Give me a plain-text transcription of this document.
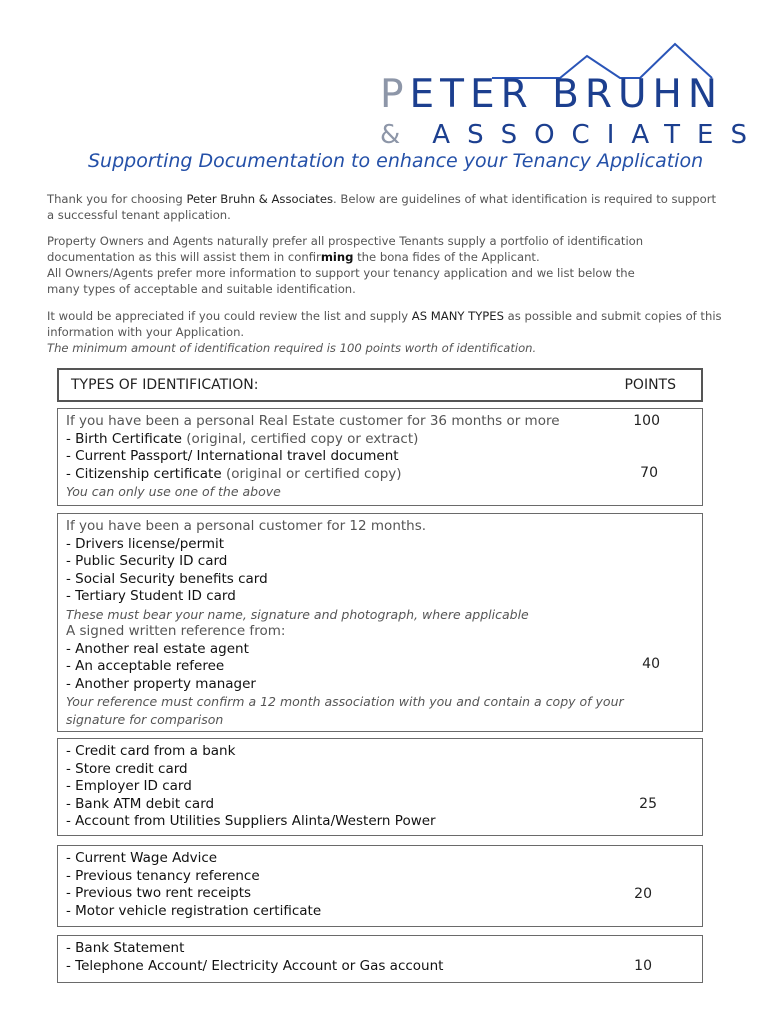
PETER BRUHN
& ASSOCIATES
Supporting Documentation to enhance your Tenancy Application

Thank you for choosing Peter Bruhn & Associates. Below are guidelines of what identification is required to support a successful tenant application.

Property Owners and Agents naturally prefer all prospective Tenants supply a portfolio of identification documentation as this will assist them in confirming the bona fides of the Applicant.
All Owners/Agents prefer more information to support your tenancy application and we list below the many types of acceptable and suitable identification.

It would be appreciated if you could review the list and supply AS MANY TYPES as possible and submit copies of this information with your Application.
The minimum amount of identification required is 100 points worth of identification.

TYPES OF IDENTIFICATION:	POINTS
If you have been a personal Real Estate customer for 36 months or more
- Birth Certificate (original, certified copy or extract)
- Current Passport/ International travel document
- Citizenship certificate (original or certified copy)
You can only use one of the above
100
70
If you have been a personal customer for 12 months.
- Drivers license/permit
- Public Security ID card
- Social Security benefits card
- Tertiary Student ID card
These must bear your name, signature and photograph, where applicable
A signed written reference from:
- Another real estate agent
- An acceptable referee
- Another property manager
Your reference must confirm a 12 month association with you and contain a copy of your signature for comparison
40
- Credit card from a bank
- Store credit card
- Employer ID card
- Bank ATM debit card
- Account from Utilities Suppliers Alinta/Western Power
25
- Current Wage Advice
- Previous tenancy reference
- Previous two rent receipts
- Motor vehicle registration certificate
20
- Bank Statement
- Telephone Account/ Electricity Account or Gas account	10
